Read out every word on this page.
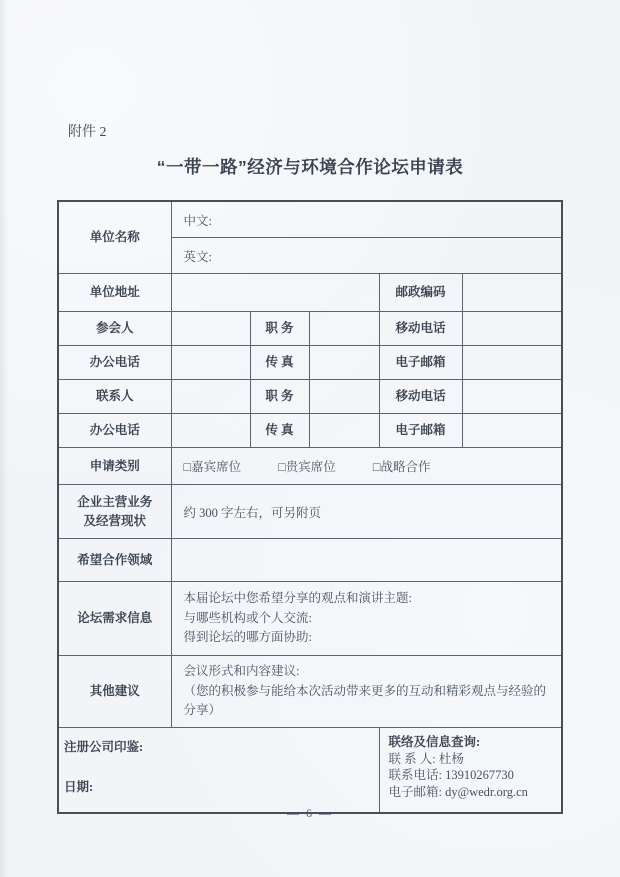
附件 2
“一带一路”经济与环境合作论坛申请表
单位名称	中文:				
	英文:				
单位地址				邮政编码	
参会人		职 务		移动电话	
办公电话		传 真		电子邮箱	
联系人		职 务		移动电话	
办公电话		传 真		电子邮箱	
申请类别	□嘉宾席位 □贵宾席位 □战略合作				

企业主营业务
及经营现状	约 300 字左右，可另附页				
希望合作领域					
论坛需求信息	本届论坛中您希望分享的观点和演讲主题:
与哪些机构或个人交流:
得到论坛的哪方面协助:				

其他建议	会议形式和内容建议:
（您的积极参与能给本次活动带来更多的互动和精彩观点与经验的分享）				

注册公司印鉴:
日期:

联络及信息查询:
联 系 人: 杜杨
联系电话: 13910267730
电子邮箱: dy@wedr.org.cn
— 6 —
